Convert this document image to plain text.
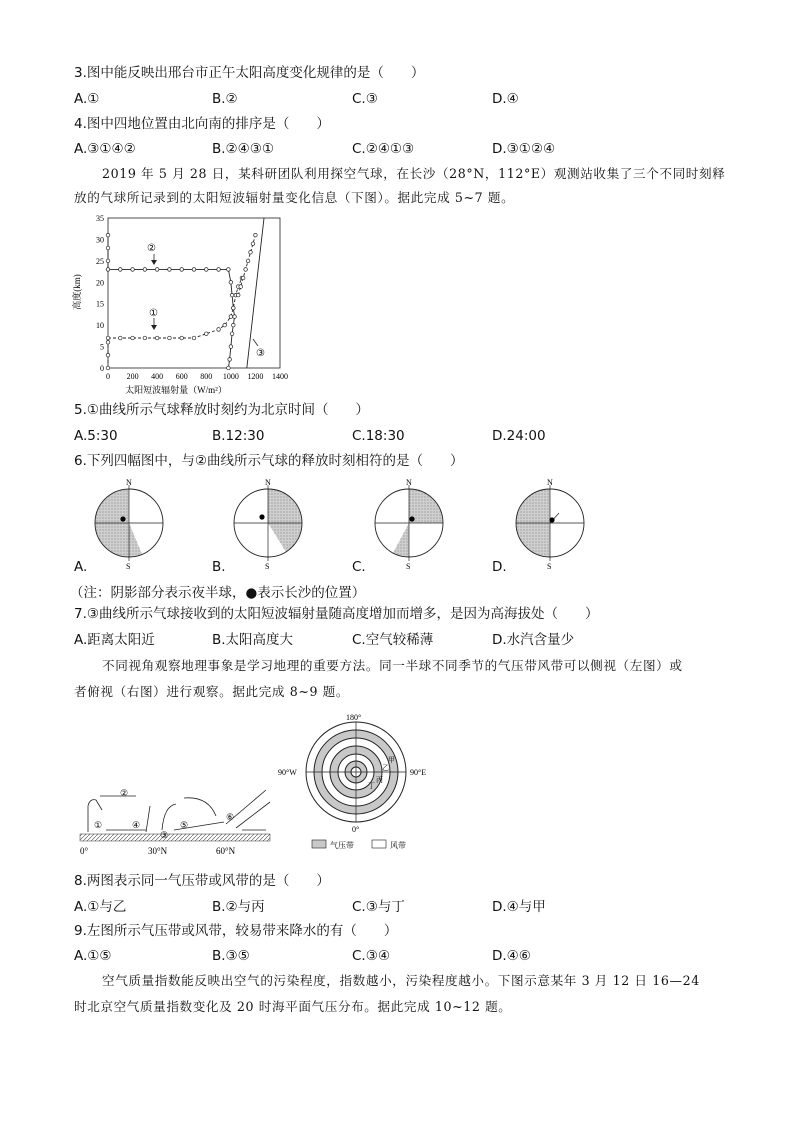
3.图中能反映出邢台市正午太阳高度变化规律的是（　　）
A.①	B.②	C.③	D.④
4.图中四地位置由北向南的排序是（　　）
A.③①④②	B.②④③①	C.②④①③	D.③①②④
2019 年 5 月 28 日，某科研团队利用探空气球，在长沙（28°N，112°E）观测站收集了三个不同时刻释
放的气球所记录到的太阳短波辐射量变化信息（下图）。据此完成 5~7 题。
高度(km)
0
5
10
15
20
25
30
35
0 200 400 600 800 1000 1200 1400
①
②
③
太阳短波辐射量（W/m²）
5.①曲线所示气球释放时刻约为北京时间（　　）
A.5:30	B.12:30	C.18:30	D.24:00
6.下列四幅图中，与②曲线所示气球的释放时刻相符的是（　　）
N
S
N
S
N
S
N
S
A.	B.	C.	D.
（注：阴影部分表示夜半球，●表示长沙的位置）
7.③曲线所示气球接收到的太阳短波辐射量随高度增加而增多，是因为高海拔处（　　）
A.距离太阳近	B.太阳高度大	C.空气较稀薄	D.水汽含量少
不同视角观察地理事象是学习地理的重要方法。同一半球不同季节的气压带风带可以侧视（左图）或
者俯视（右图）进行观察。据此完成 8~9 题。
①
②
③
④	⑤
⑥
0°	30°N	60°N
180°
90°W	90°E
0°
甲
乙
丙
丁
气压带	风带
8.两图表示同一气压带或风带的是（　　）
A.①与乙	B.②与丙	C.③与丁	D.④与甲
9.左图所示气压带或风带，较易带来降水的有（　　）
A.①⑤	B.③⑤	C.③④	D.④⑥
空气质量指数能反映出空气的污染程度，指数越小，污染程度越小。下图示意某年 3 月 12 日 16—24
时北京空气质量指数变化及 20 时海平面气压分布。据此完成 10~12 题。
